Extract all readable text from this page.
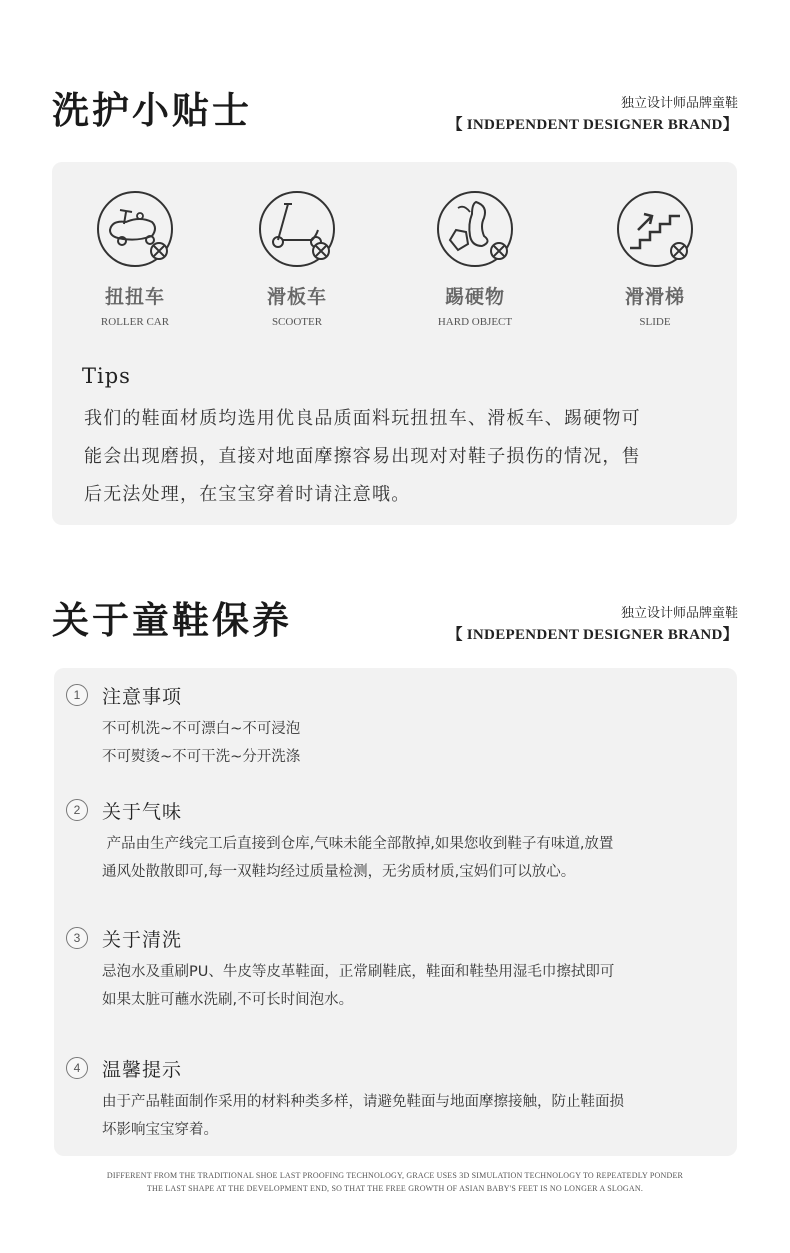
洗护小贴士	独立设计师品牌童鞋
【 INDEPENDENT DESIGNER BRAND】
扭扭车
ROLLER CAR
滑板车
SCOOTER
踢硬物
HARD OBJECT
滑滑梯
SLIDE
Tips
我们的鞋面材质均选用优良品质面料玩扭扭车、滑板车、踢硬物可
能会出现磨损，直接对地面摩擦容易出现对对鞋子损伤的情况，售
后无法处理，在宝宝穿着时请注意哦。
关于童鞋保养	独立设计师品牌童鞋
【 INDEPENDENT DESIGNER BRAND】
1	注意事项
不可机洗~不可漂白~不可浸泡
不可熨烫~不可干洗~分开洗涤
2	关于气味
产品由生产线完工后直接到仓库,气味未能全部散掉,如果您收到鞋子有味道,放置
通风处散散即可,每一双鞋均经过质量检测，无劣质材质,宝妈们可以放心。
3	关于清洗
忌泡水及重刷PU、牛皮等皮革鞋面，正常刷鞋底，鞋面和鞋垫用湿毛巾擦拭即可
如果太脏可蘸水洗刷,不可长时间泡水。
4	温馨提示
由于产品鞋面制作采用的材料种类多样，请避免鞋面与地面摩擦接触，防止鞋面损
坏影响宝宝穿着。
DIFFERENT FROM THE TRADITIONAL SHOE LAST PROOFING TECHNOLOGY, GRACE USES 3D SIMULATION TECHNOLOGY TO REPEATEDLY PONDER
THE LAST SHAPE AT THE DEVELOPMENT END, SO THAT THE FREE GROWTH OF ASIAN BABY'S FEET IS NO LONGER A SLOGAN.
